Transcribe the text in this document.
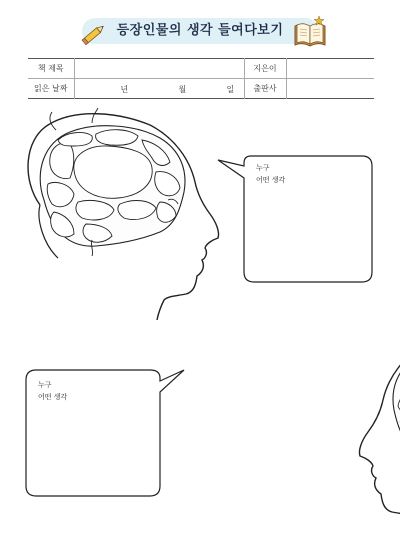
등장인물의 생각 들여다보기
책 제목		지은이	
읽은 날짜	년 월 일	출판사	
누구
어떤 생각
누구
어떤 생각
